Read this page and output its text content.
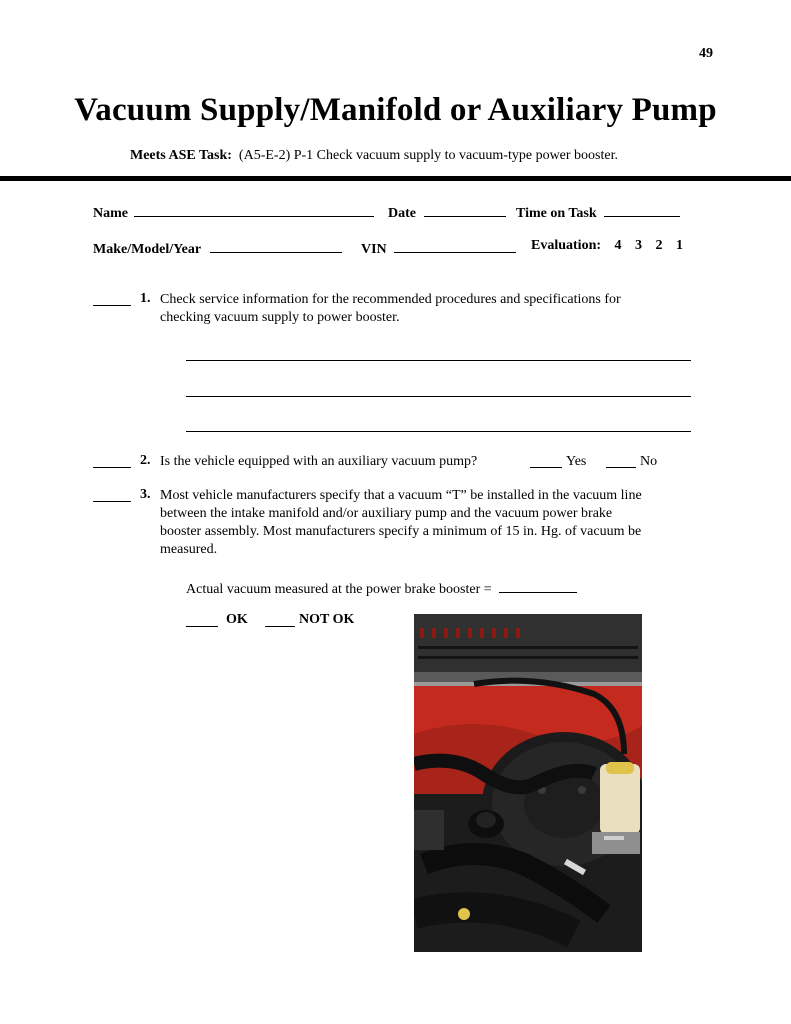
49
Vacuum Supply/Manifold or Auxiliary Pump
Meets ASE Task: (A5-E-2) P-1 Check vacuum supply to vacuum-type power booster.
Name	Date	Time on Task
Make/Model/Year	VIN	Evaluation: 4 3 2 1
1. Check service information for the recommended procedures and specifications for
checking vacuum supply to power booster.
2. Is the vehicle equipped with an auxiliary vacuum pump?	Yes	No
3. Most vehicle manufacturers specify that a vacuum “T” be installed in the vacuum line
between the intake manifold and/or auxiliary pump and the vacuum power brake
booster assembly. Most manufacturers specify a minimum of 15 in. Hg. of vacuum be
measured.
Actual vacuum measured at the power brake booster =
OK	NOT OK
